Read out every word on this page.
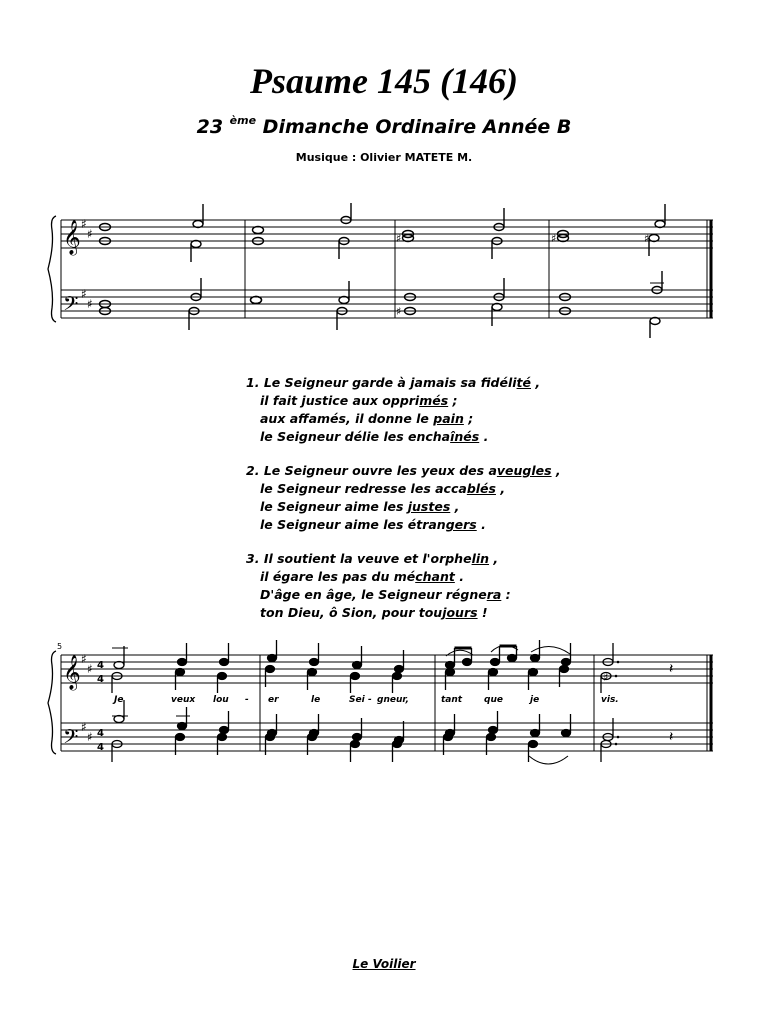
Psaume 145 (146)
23 $^{ème}$ Dimanche Ordinaire Année B
Musique : Olivier MATETE M.
𝄞
𝄢
♯
♯
♯
♯
♯	♯
♯
♯
5
𝄞
𝄢
♯
♯
♯
♯
4
4
4
4
♯
𝄽
𝄽
Je	veux lou - er	le	Sei - gneur,	tant que	je	vis.
1. Le Seigneur garde à jamais sa fidélité ,
il fait justice aux opprimés ;
aux affamés, il donne le pain ;
le Seigneur délie les enchaînés .
2. Le Seigneur ouvre les yeux des aveugles ,
le Seigneur redresse les accablés ,
le Seigneur aime les justes ,
le Seigneur aime les étrangers .
3. Il soutient la veuve et l'orphelin ,
il égare les pas du méchant .
D'âge en âge, le Seigneur régnera :
ton Dieu, ô Sion, pour toujours !
Le Voilier
